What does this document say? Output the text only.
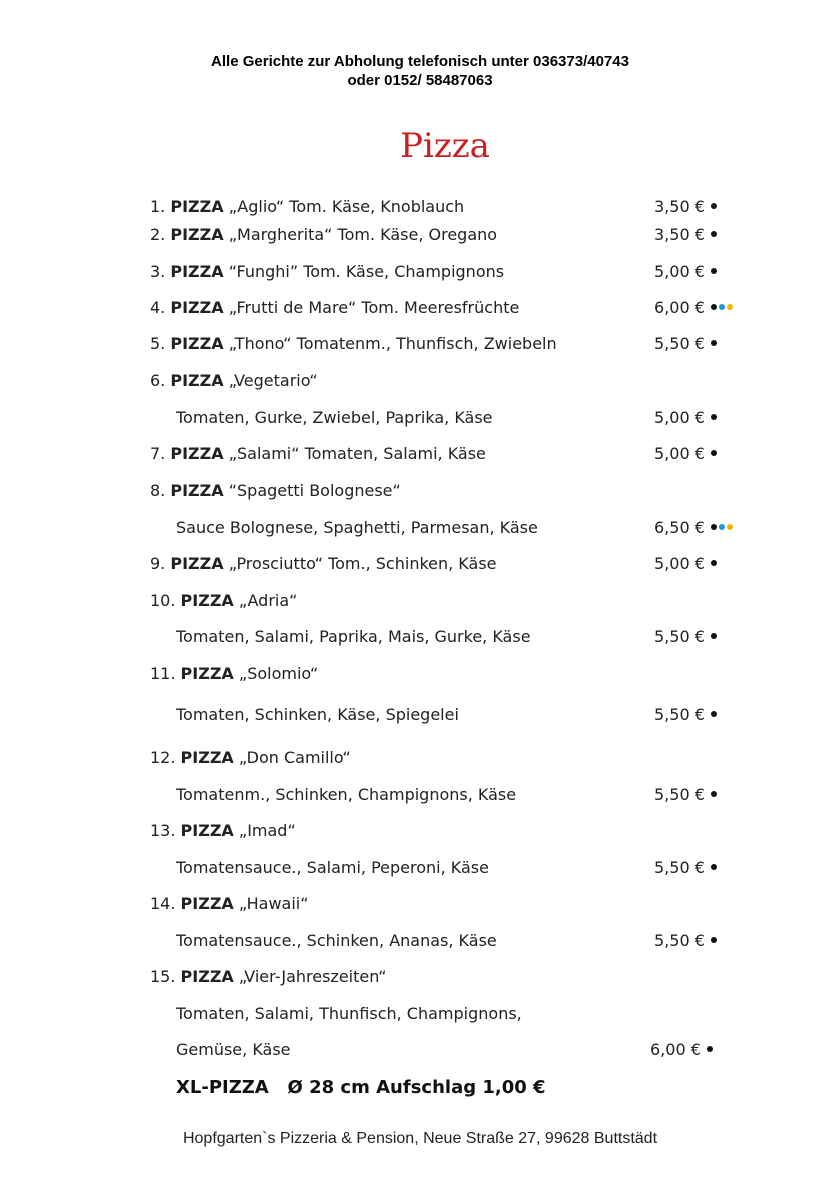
Alle Gerichte zur Abholung telefonisch unter 036373/40743
oder 0152/ 58487063
Pizza
1. PIZZA „Aglio“ Tom. Käse, Knoblauch	3,50 €
2. PIZZA „Margherita“ Tom. Käse, Oregano	3,50 €
3. PIZZA “Funghi” Tom. Käse, Champignons	5,00 €
4. PIZZA „Frutti de Mare“ Tom. Meeresfrüchte	6,00 €
5. PIZZA „Thono“ Tomatenm., Thunfisch, Zwiebeln	5,50 €
6. PIZZA „Vegetario“
Tomaten, Gurke, Zwiebel, Paprika, Käse	5,00 €
7. PIZZA „Salami“ Tomaten, Salami, Käse	5,00 €
8. PIZZA “Spagetti Bolognese“
Sauce Bolognese, Spaghetti, Parmesan, Käse	6,50 €
9. PIZZA „Prosciutto“ Tom., Schinken, Käse	5,00 €
10. PIZZA „Adria“
Tomaten, Salami, Paprika, Mais, Gurke, Käse	5,50 €
11. PIZZA „Solomio“
Tomaten, Schinken, Käse, Spiegelei	5,50 €
12. PIZZA „Don Camillo“
Tomatenm., Schinken, Champignons, Käse	5,50 €
13. PIZZA „Imad“
Tomatensauce., Salami, Peperoni, Käse	5,50 €
14. PIZZA „Hawaii“
Tomatensauce., Schinken, Ananas, Käse	5,50 €
15. PIZZA „Vier-Jahreszeiten“
Tomaten, Salami, Thunfisch, Champignons,
Gemüse, Käse	6,00 €
XL-PIZZA   Ø 28 cm Aufschlag 1,00 €
Hopfgarten`s Pizzeria & Pension, Neue Straße 27, 99628 Buttstädt
